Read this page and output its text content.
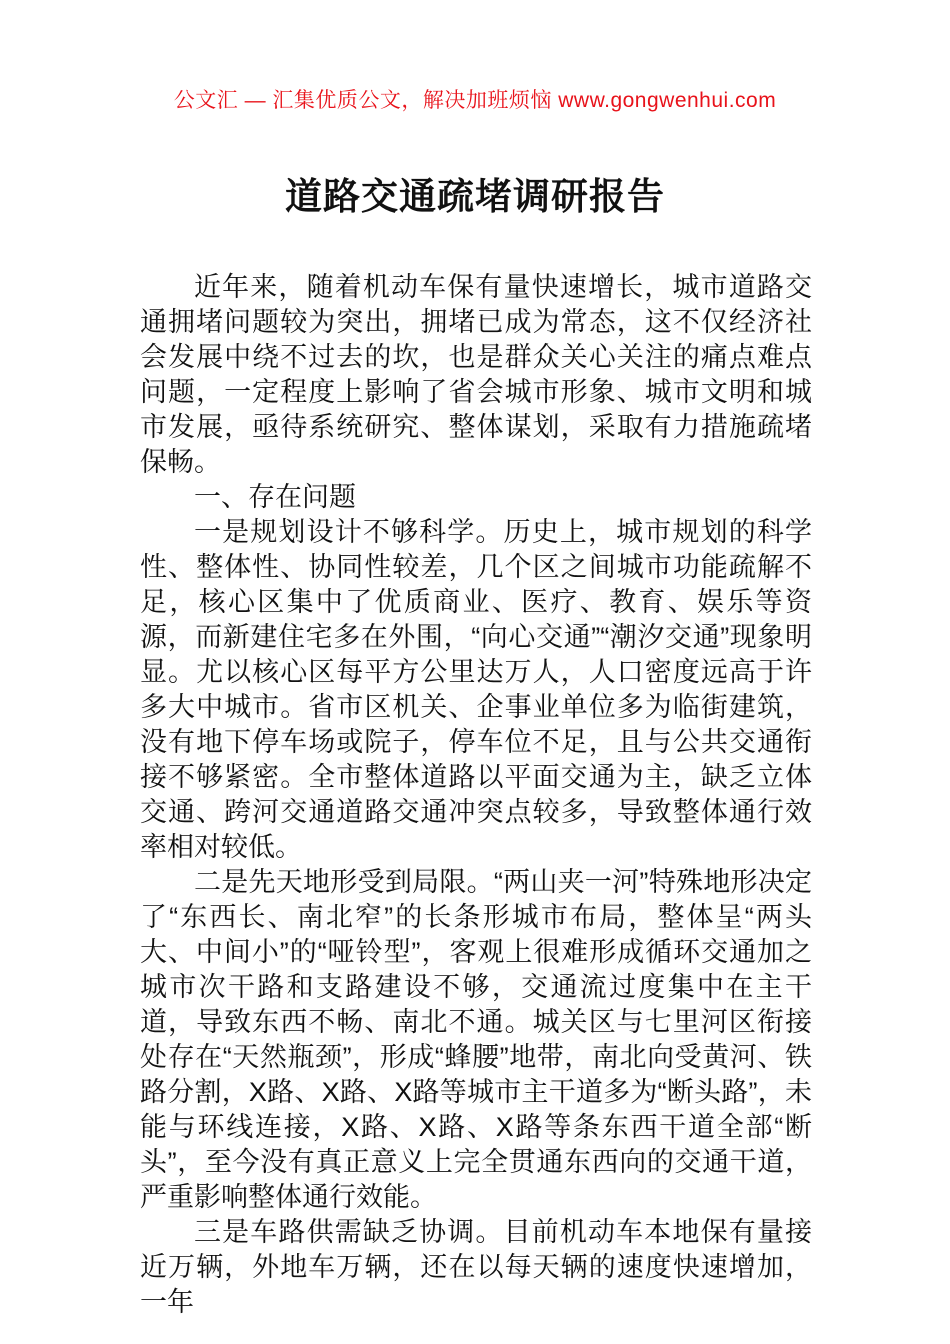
公文汇 — 汇集优质公文，解决加班烦恼 www.gongwenhui.com
道路交通疏堵调研报告

近年来，随着机动车保有量快速增长，城市道路交通拥堵问题较为突出，拥堵已成为常态，这不仅经济社会发展中绕不过去的坎，也是群众关心关注的痛点难点问题，一定程度上影响了省会城市形象、城市文明和城市发展，亟待系统研究、整体谋划，采取有力措施疏堵保畅。

一、存在问题

一是规划设计不够科学。历史上，城市规划的科学性、整体性、协同性较差，几个区之间城市功能疏解不足，核心区集中了优质商业、医疗、教育、娱乐等资源，而新建住宅多在外围，“向心交通”“潮汐交通”现象明显。尤以核心区每平方公里达万人，人口密度远高于许多大中城市。省市区机关、企事业单位多为临街建筑，没有地下停车场或院子，停车位不足，且与公共交通衔接不够紧密。全市整体道路以平面交通为主，缺乏立体交通、跨河交通道路交通冲突点较多，导致整体通行效率相对较低。

二是先天地形受到局限。“两山夹一河”特殊地形决定了“东西长、南北窄”的长条形城市布局，整体呈“两头大、中间小”的“哑铃型”，客观上很难形成循环交通加之城市次干路和支路建设不够，交通流过度集中在主干道，导致东西不畅、南北不通。城关区与七里河区衔接处存在“天然瓶颈”，形成“蜂腰”地带，南北向受黄河、铁路分割，X路、X路、X路等城市主干道多为“断头路”，未能与环线连接，X路、X路、X路等条东西干道全部“断头”，至今没有真正意义上完全贯通东西向的交通干道，严重影响整体通行效能。

三是车路供需缺乏协调。目前机动车本地保有量接近万辆，外地车万辆，还在以每天辆的速度快速增加，一年
